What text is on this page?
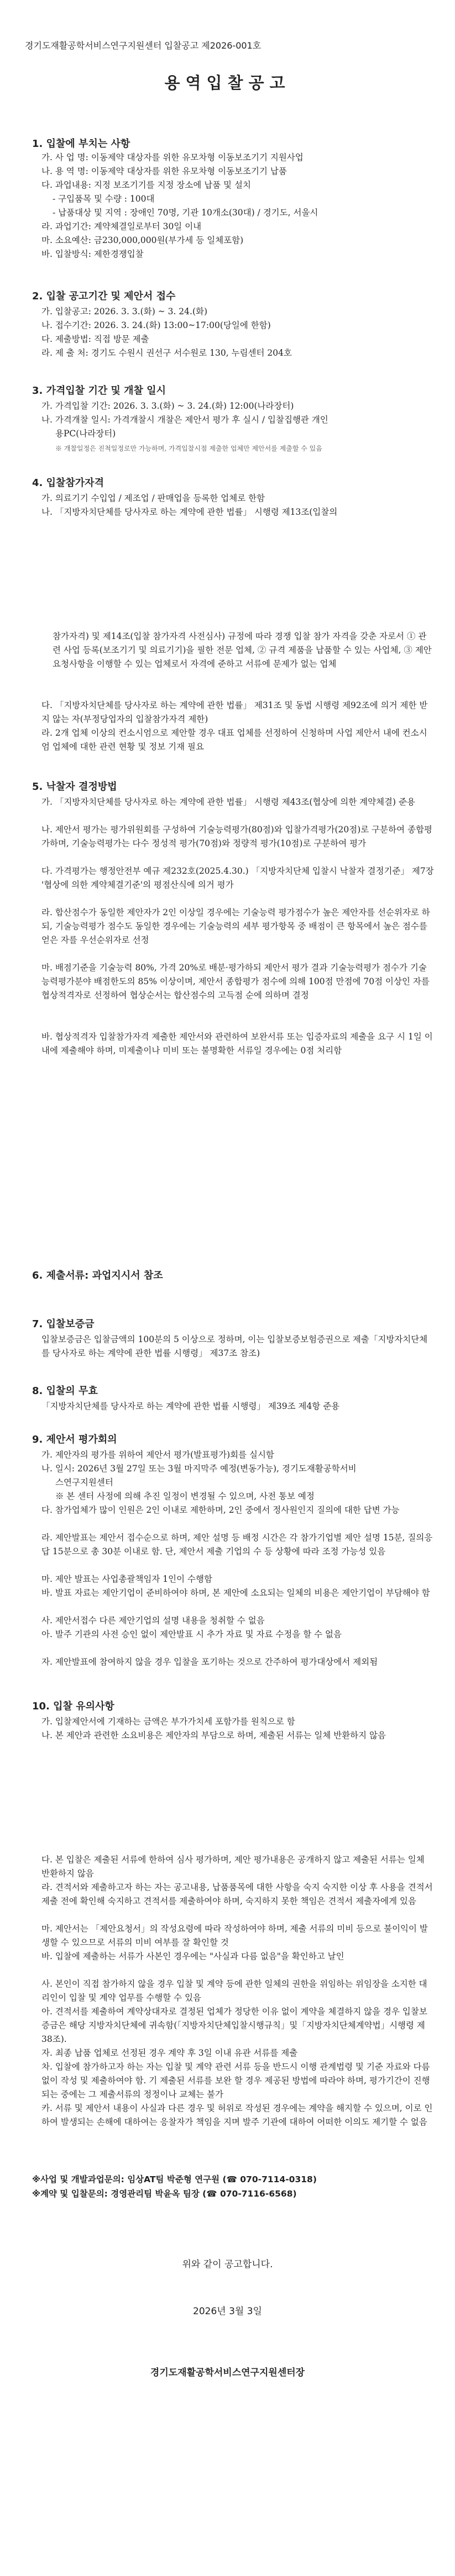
경기도재활공학서비스연구지원센터 입찰공고 제2026-001호
용역입찰공고
1. 입찰에 부치는 사항
가. 사 업 명: 이동제약 대상자를 위한 유모차형 이동보조기기 지원사업
나. 용 역 명: 이동제약 대상자를 위한 유모차형 이동보조기기 납품
다. 과업내용: 지정 보조기기를 지정 장소에 납품 및 설치
- 구입품목 및 수량 : 100대
- 납품대상 및 지역 : 장애인 70명, 기관 10개소(30대) / 경기도, 서울시
라. 과업기간: 계약체결일로부터 30일 이내
마. 소요예산: 금230,000,000원(부가세 등 일체포함)
바. 입찰방식: 제한경쟁입찰
2. 입찰 공고기간 및 제안서 접수
가. 입찰공고: 2026. 3. 3.(화) ~ 3. 24.(화)
나. 접수기간: 2026. 3. 24.(화) 13:00~17:00(당일에 한함)
다. 제출방법: 직접 방문 제출
라. 제 출 처: 경기도 수원시 권선구 서수원로 130, 누림센터 204호
3. 가격입찰 기간 및 개찰 일시
가. 가격입찰 기간: 2026. 3. 3.(화) ~ 3. 24.(화) 12:00(나라장터)
나. 가격개찰 일시: 가격개찰시 개찰은 제안서 평가 후 실시 / 입찰집행관 개인
용PC(나라장터)
※ 개찰일정은 진척일정로만 가능하며, 가격입찰시점 제출한 업체만 제안서를 제출할 수 있음
4. 입찰참가자격
가. 의료기기 수입업 / 제조업 / 판매업을 등록한 업체로 한함
나. 「지방자치단체를 당사자로 하는 계약에 관한 법률」 시행령 제13조(입찰의
참가자격) 및 제14조(입찰 참가자격 사전심사) 규정에 따라 경쟁 입찰 참가 자격을 갖춘 자로서 ① 관련 사업 등록(보조기기 및 의료기기)을 필한 전문 업체, ② 규격 제품을 납품할 수 있는 사업체, ③ 제안요청사항을 이행할 수 있는 업체로서 자격에 준하고 서류에 문제가 없는 업체
다. 「지방자치단체를 당사자로 하는 계약에 관한 법률」 제31조 및 동법 시행령 제92조에 의거 제한 받지 않는 자(부정당업자의 입찰참가자격 제한)
라. 2개 업체 이상의 컨소시엄으로 제안할 경우 대표 업체를 선정하여 신청하며 사업 제안서 내에 컨소시엄 업체에 대한 관련 현황 및 정보 기재 필요
5. 낙찰자 결정방법
가. 「지방자치단체를 당사자로 하는 계약에 관한 법률」 시행령 제43조(협상에 의한 계약체결) 준용
나. 제안서 평가는 평가위원회를 구성하여 기술능력평가(80점)와 입찰가격평가(20점)로 구분하여 종합평가하며, 기술능력평가는 다수 정성적 평가(70점)와 정량적 평가(10점)로 구분하여 평가
다. 가격평가는 행정안전부 예규 제232호(2025.4.30.) 「지방자치단체 입찰시 낙찰자 결정기준」 제7장 '협상에 의한 계약체결기준'의 평점산식에 의거 평가
라. 합산점수가 동일한 제안자가 2인 이상일 경우에는 기술능력 평가점수가 높은 제안자를 선순위자로 하되, 기술능력평가 점수도 동일한 경우에는 기술능력의 세부 평가항목 중 배점이 큰 항목에서 높은 점수를 얻은 자를 우선순위자로 선정
마. 배점기준을 기술능력 80%, 가격 20%로 배분·평가하되 제안서 평가 결과 기술능력평가 점수가 기술능력평가분야 배점한도의 85% 이상이며, 제안서 종합평가 점수에 의해 100점 만점에 70점 이상인 자를 협상적격자로 선정하여 협상순서는 합산점수의 고득점 순에 의하며 결정
바. 협상적격자 입찰참가자격 제출한 제안서와 관련하여 보완서류 또는 입증자료의 제출을 요구 시 1일 이내에 제출해야 하며, 미제출이나 미비 또는 불명확한 서류일 경우에는 0점 처리함
6. 제출서류: 과업지시서 참조
7. 입찰보증금
입찰보증금은 입찰금액의 100분의 5 이상으로 정하며, 이는 입찰보증보험증권으로 제출「지방자치단체를 당사자로 하는 계약에 관한 법률 시행령」 제37조 참조)
8. 입찰의 무효
「지방자치단체를 당사자로 하는 계약에 관한 법률 시행령」 제39조 제4항 준용
9. 제안서 평가회의
가. 제안자의 평가를 위하여 제안서 평가(발표평가)회를 실시함
나. 일시: 2026년 3월 27일 또는 3월 마지막주 예정(변동가능), 경기도재활공학서비
스연구지원센터
※ 본 센터 사정에 의해 추진 일정이 변경될 수 있으며, 사전 통보 예정
다. 참가업체가 많이 인원은 2인 이내로 제한하며, 2인 중에서 정사원인지 질의에 대한 답변 가능
라. 제안발표는 제안서 접수순으로 하며, 제안 설명 등 배정 시간은 각 참가기업별 제안 설명 15분, 질의응답 15분으로 총 30분 이내로 함. 단, 제안서 제출 기업의 수 등 상황에 따라 조정 가능성 있음
마. 제안 발표는 사업총괄책임자 1인이 수행함
바. 발표 자료는 제안기업이 준비하여야 하며, 본 제안에 소요되는 일체의 비용은 제안기업이 부담해야 함
사. 제안서접수 다른 제안기업의 설명 내용을 청취할 수 없음
아. 발주 기관의 사전 승인 없이 제안발표 시 추가 자료 및 자료 수정을 할 수 없음
자. 제안발표에 참여하지 않을 경우 입찰을 포기하는 것으로 간주하여 평가대상에서 제외됨
10. 입찰 유의사항
가. 입찰제안서에 기재하는 금액은 부가가치세 포함가를 원칙으로 함
나. 본 제안과 관련한 소요비용은 제안자의 부담으로 하며, 제출된 서류는 일체 반환하지 않음
다. 본 입찰은 제출된 서류에 한하여 심사 평가하며, 제안 평가내용은 공개하지 않고 제출된 서류는 일체 반환하지 않음
라. 견적서와 제출하고자 하는 자는 공고내용, 납품품목에 대한 사항을 숙지 숙지한 이상 후 사용을 견적서 제출 전에 확인해 숙지하고 견적서를 제출하여야 하며, 숙지하지 못한 책임은 견적서 제출자에게 있음
마. 제안서는 「제안요청서」의 작성요령에 따라 작성하여야 하며, 제출 서류의 미비 등으로 불이익이 발생할 수 있으므로 서류의 미비 여부를 잘 확인할 것
바. 입찰에 제출하는 서류가 사본인 경우에는 "사실과 다름 없음"을 확인하고 날인
사. 본인이 직접 참가하지 않을 경우 입찰 및 계약 등에 관한 일체의 권한을 위임하는 위임장을 소지한 대리인이 입찰 및 계약 업무를 수행할 수 있음
아. 견적서를 제출하여 계약상대자로 결정된 업체가 정당한 이유 없이 계약을 체결하지 않을 경우 입찰보증금은 해당 지방자치단체에 귀속함(「지방자치단체입찰시행규칙」및「지방자치단체계약법」시행령 제38조).
자. 최종 납품 업체로 선정된 경우 계약 후 3일 이내 유관 서류를 제출
차. 입찰에 참가하고자 하는 자는 입찰 및 계약 관련 서류 등을 반드시 이행 관계법령 및 기준 자료와 다름없이 작성 및 제출하여야 함. 기 제출된 서류를 보완 할 경우 제공된 방법에 따라야 하며, 평가기간이 진행되는 중에는 그 제출서류의 정정이나 교체는 불가
카. 서류 및 제안서 내용이 사실과 다른 경우 및 허위로 작성된 경우에는 계약을 해지할 수 있으며, 이로 인하여 발생되는 손해에 대하여는 응찰자가 책임을 지며 발주 기관에 대하여 어떠한 이의도 제기할 수 없음
※사업 및 개발과업문의: 임상AT팀 박준형 연구원 (☎ 070-7114-0318)
※계약 및 입찰문의: 경영관리팀 박윤옥 팀장 (☎ 070-7116-6568)
위와 같이 공고합니다.
2026년 3월 3일
경기도재활공학서비스연구지원센터장
